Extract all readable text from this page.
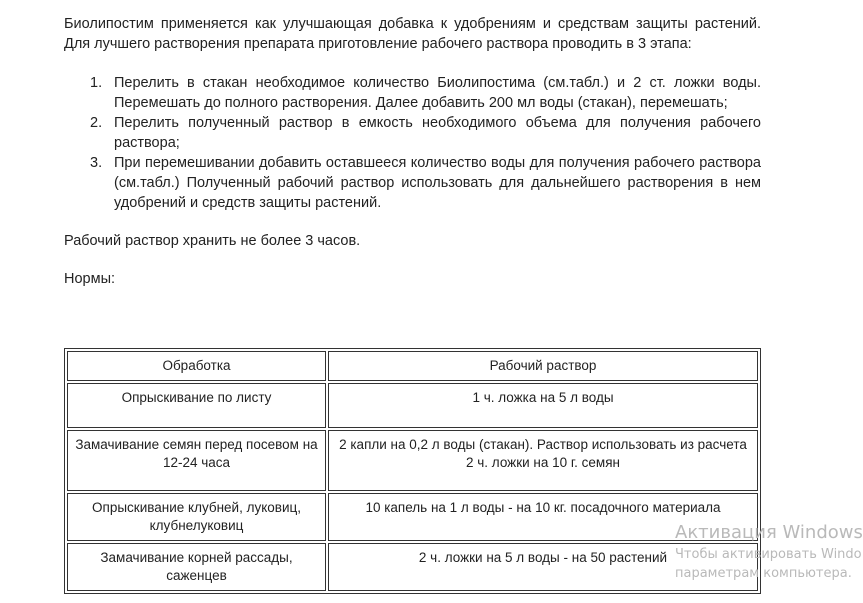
Биолипостим применяется как улучшающая добавка к удобрениям и средствам защиты растений. Для лучшего растворения препарата приготовление рабочего раствора проводить в 3 этапа:

1. Перелить в стакан необходимое количество Биолипостима (см.табл.) и 2 ст. ложки воды. Перемешать до полного растворения. Далее добавить 200 мл воды (стакан), перемешать;
2. Перелить полученный раствор в емкость необходимого объема для получения рабочего раствора;
3. При перемешивании добавить оставшееся количество воды для получения рабочего раствора (см.табл.) Полученный рабочий раствор использовать для дальнейшего растворения в нем удобрений и средств защиты растений.

Рабочий раствор хранить не более 3 часов.

Нормы:

Обработка	Рабочий раствор
Опрыскивание по листу	1 ч. ложка на 5 л воды
Замачивание семян перед посевом на 12-24 часа	2 капли на 0,2 л воды (стакан). Раствор использовать из расчета 2 ч. ложки на 10 г. семян
Опрыскивание клубней, луковиц, клубнелуковиц	10 капель на 1 л воды - на 10 кг. посадочного материала
Замачивание корней рассады, саженцев	2 ч. ложки на 5 л воды - на 50 растений
Активация Windows
Чтобы активировать Windo
параметрам компьютера.
